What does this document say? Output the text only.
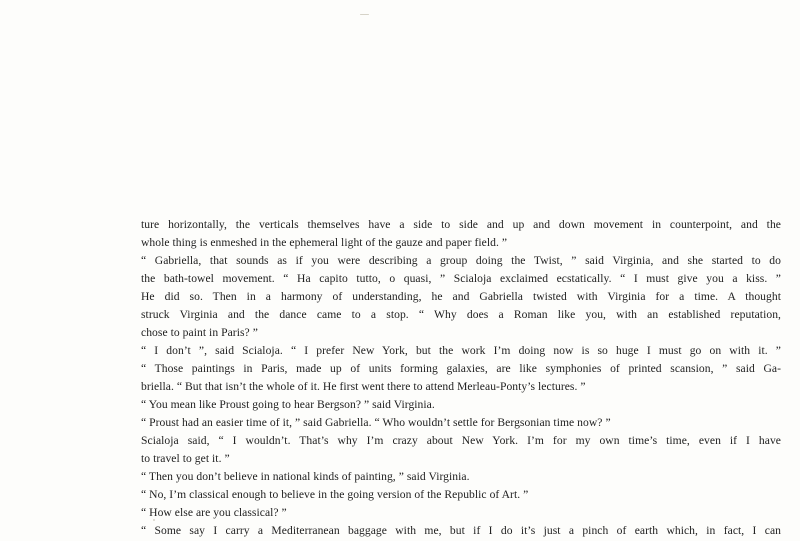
ture horizontally, the verticals themselves have a side to side and up and down movement in counterpoint, and the
whole thing is enmeshed in the ephemeral light of the gauze and paper field. ”
“ Gabriella, that sounds as if you were describing a group doing the Twist, ” said Virginia, and she started to do
the bath-towel movement. “ Ha capito tutto, o quasi, ” Scialoja exclaimed ecstatically. “ I must give you a kiss. ”
He did so. Then in a harmony of understanding, he and Gabriella twisted with Virginia for a time. A thought
struck Virginia and the dance came to a stop. “ Why does a Roman like you, with an established reputation,
chose to paint in Paris? ”
“ I don’t ”, said Scialoja. “ I prefer New York, but the work I’m doing now is so huge I must go on with it. ”
“ Those paintings in Paris, made up of units forming galaxies, are like symphonies of printed scansion, ” said Ga-
briella. “ But that isn’t the whole of it. He first went there to attend Merleau-Ponty’s lectures. ”
“ You mean like Proust going to hear Bergson? ” said Virginia.
“ Proust had an easier time of it, ” said Gabriella. “ Who wouldn’t settle for Bergsonian time now? ”
Scialoja said, “ I wouldn’t. That’s why I’m crazy about New York. I’m for my own time’s time, even if I have
to travel to get it. ”
“ Then you don’t believe in national kinds of painting, ” said Virginia.
“ No, I’m classical enough to believe in the going version of the Republic of Art. ”
“ How else are you classical? ”
“ Some say I carry a Mediterranean baggage with me, but if I do it’s just a pinch of earth which, in fact, I can
